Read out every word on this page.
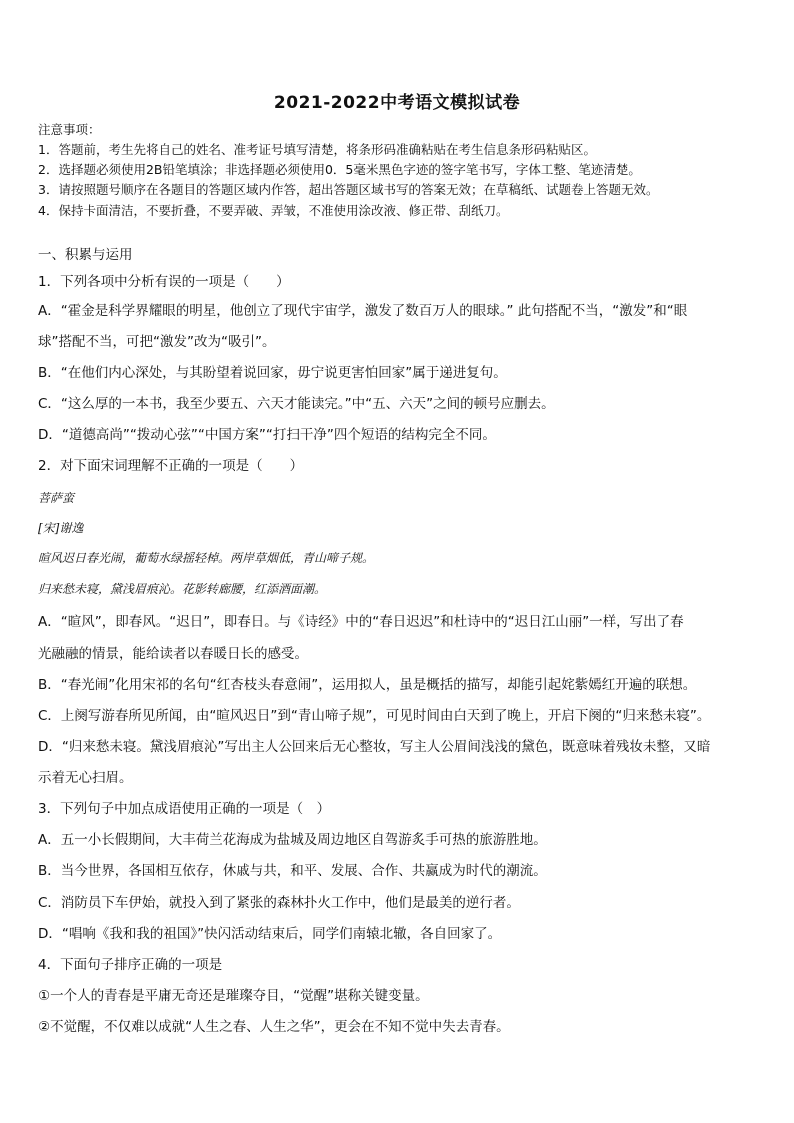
2021-2022中考语文模拟试卷
注意事项：
1．答题前，考生先将自己的姓名、准考证号填写清楚，将条形码准确粘贴在考生信息条形码粘贴区。
2．选择题必须使用2B铅笔填涂；非选择题必须使用0．5毫米黑色字迹的签字笔书写，字体工整、笔迹清楚。
3．请按照题号顺序在各题目的答题区域内作答，超出答题区域书写的答案无效；在草稿纸、试题卷上答题无效。
4．保持卡面清洁，不要折叠，不要弄破、弄皱，不准使用涂改液、修正带、刮纸刀。
一、积累与运用
1．下列各项中分析有误的一项是（　　）
A．“霍金是科学界耀眼的明星，他创立了现代宇宙学，激发了数百万人的眼球。” 此句搭配不当，“激发”和“眼
球”搭配不当，可把“激发”改为“吸引”。
B．“在他们内心深处，与其盼望着说回家，毋宁说更害怕回家”属于递进复句。
C．“这么厚的一本书，我至少要五、六天才能读完。”中“五、六天”之间的顿号应删去。
D．“道德高尚”“拨动心弦”“中国方案”“打扫干净”四个短语的结构完全不同。
2．对下面宋词理解不正确的一项是（　　）
菩萨蛮
[宋]谢逸
暄风迟日春光闹，葡萄水绿摇轻棹。两岸草烟低，青山啼子规。
归来愁未寝，黛浅眉痕沁。花影转廊腰，红添酒面潮。
A．“暄风”，即春风。“迟日”，即春日。与《诗经》中的“春日迟迟”和杜诗中的“迟日江山丽”一样，写出了春
光融融的情景，能给读者以春暖日长的感受。
B．“春光闹”化用宋祁的名句“红杏枝头春意闹”，运用拟人，虽是概括的描写，却能引起姹紫嫣红开遍的联想。
C．上阕写游春所见所闻，由“暄风迟日”到“青山啼子规”，可见时间由白天到了晚上，开启下阕的“归来愁未寝”。
D．“归来愁未寝。黛浅眉痕沁”写出主人公回来后无心整妆，写主人公眉间浅浅的黛色，既意味着残妆未整，又暗
示着无心扫眉。
3．下列句子中加点成语使用正确的一项是（　）
A．五一小长假期间，大丰荷兰花海成为盐城及周边地区自驾游炙手可热的旅游胜地。
B．当今世界，各国相互依存，休戚与共，和平、发展、合作、共赢成为时代的潮流。
C．消防员下车伊始，就投入到了紧张的森林扑火工作中，他们是最美的逆行者。
D．“唱响《我和我的祖国》”快闪活动结束后，同学们南辕北辙，各自回家了。
4．下面句子排序正确的一项是
①一个人的青春是平庸无奇还是璀璨夺目，“觉醒”堪称关键变量。
②不觉醒，不仅难以成就“人生之春、人生之华”，更会在不知不觉中失去青春。
